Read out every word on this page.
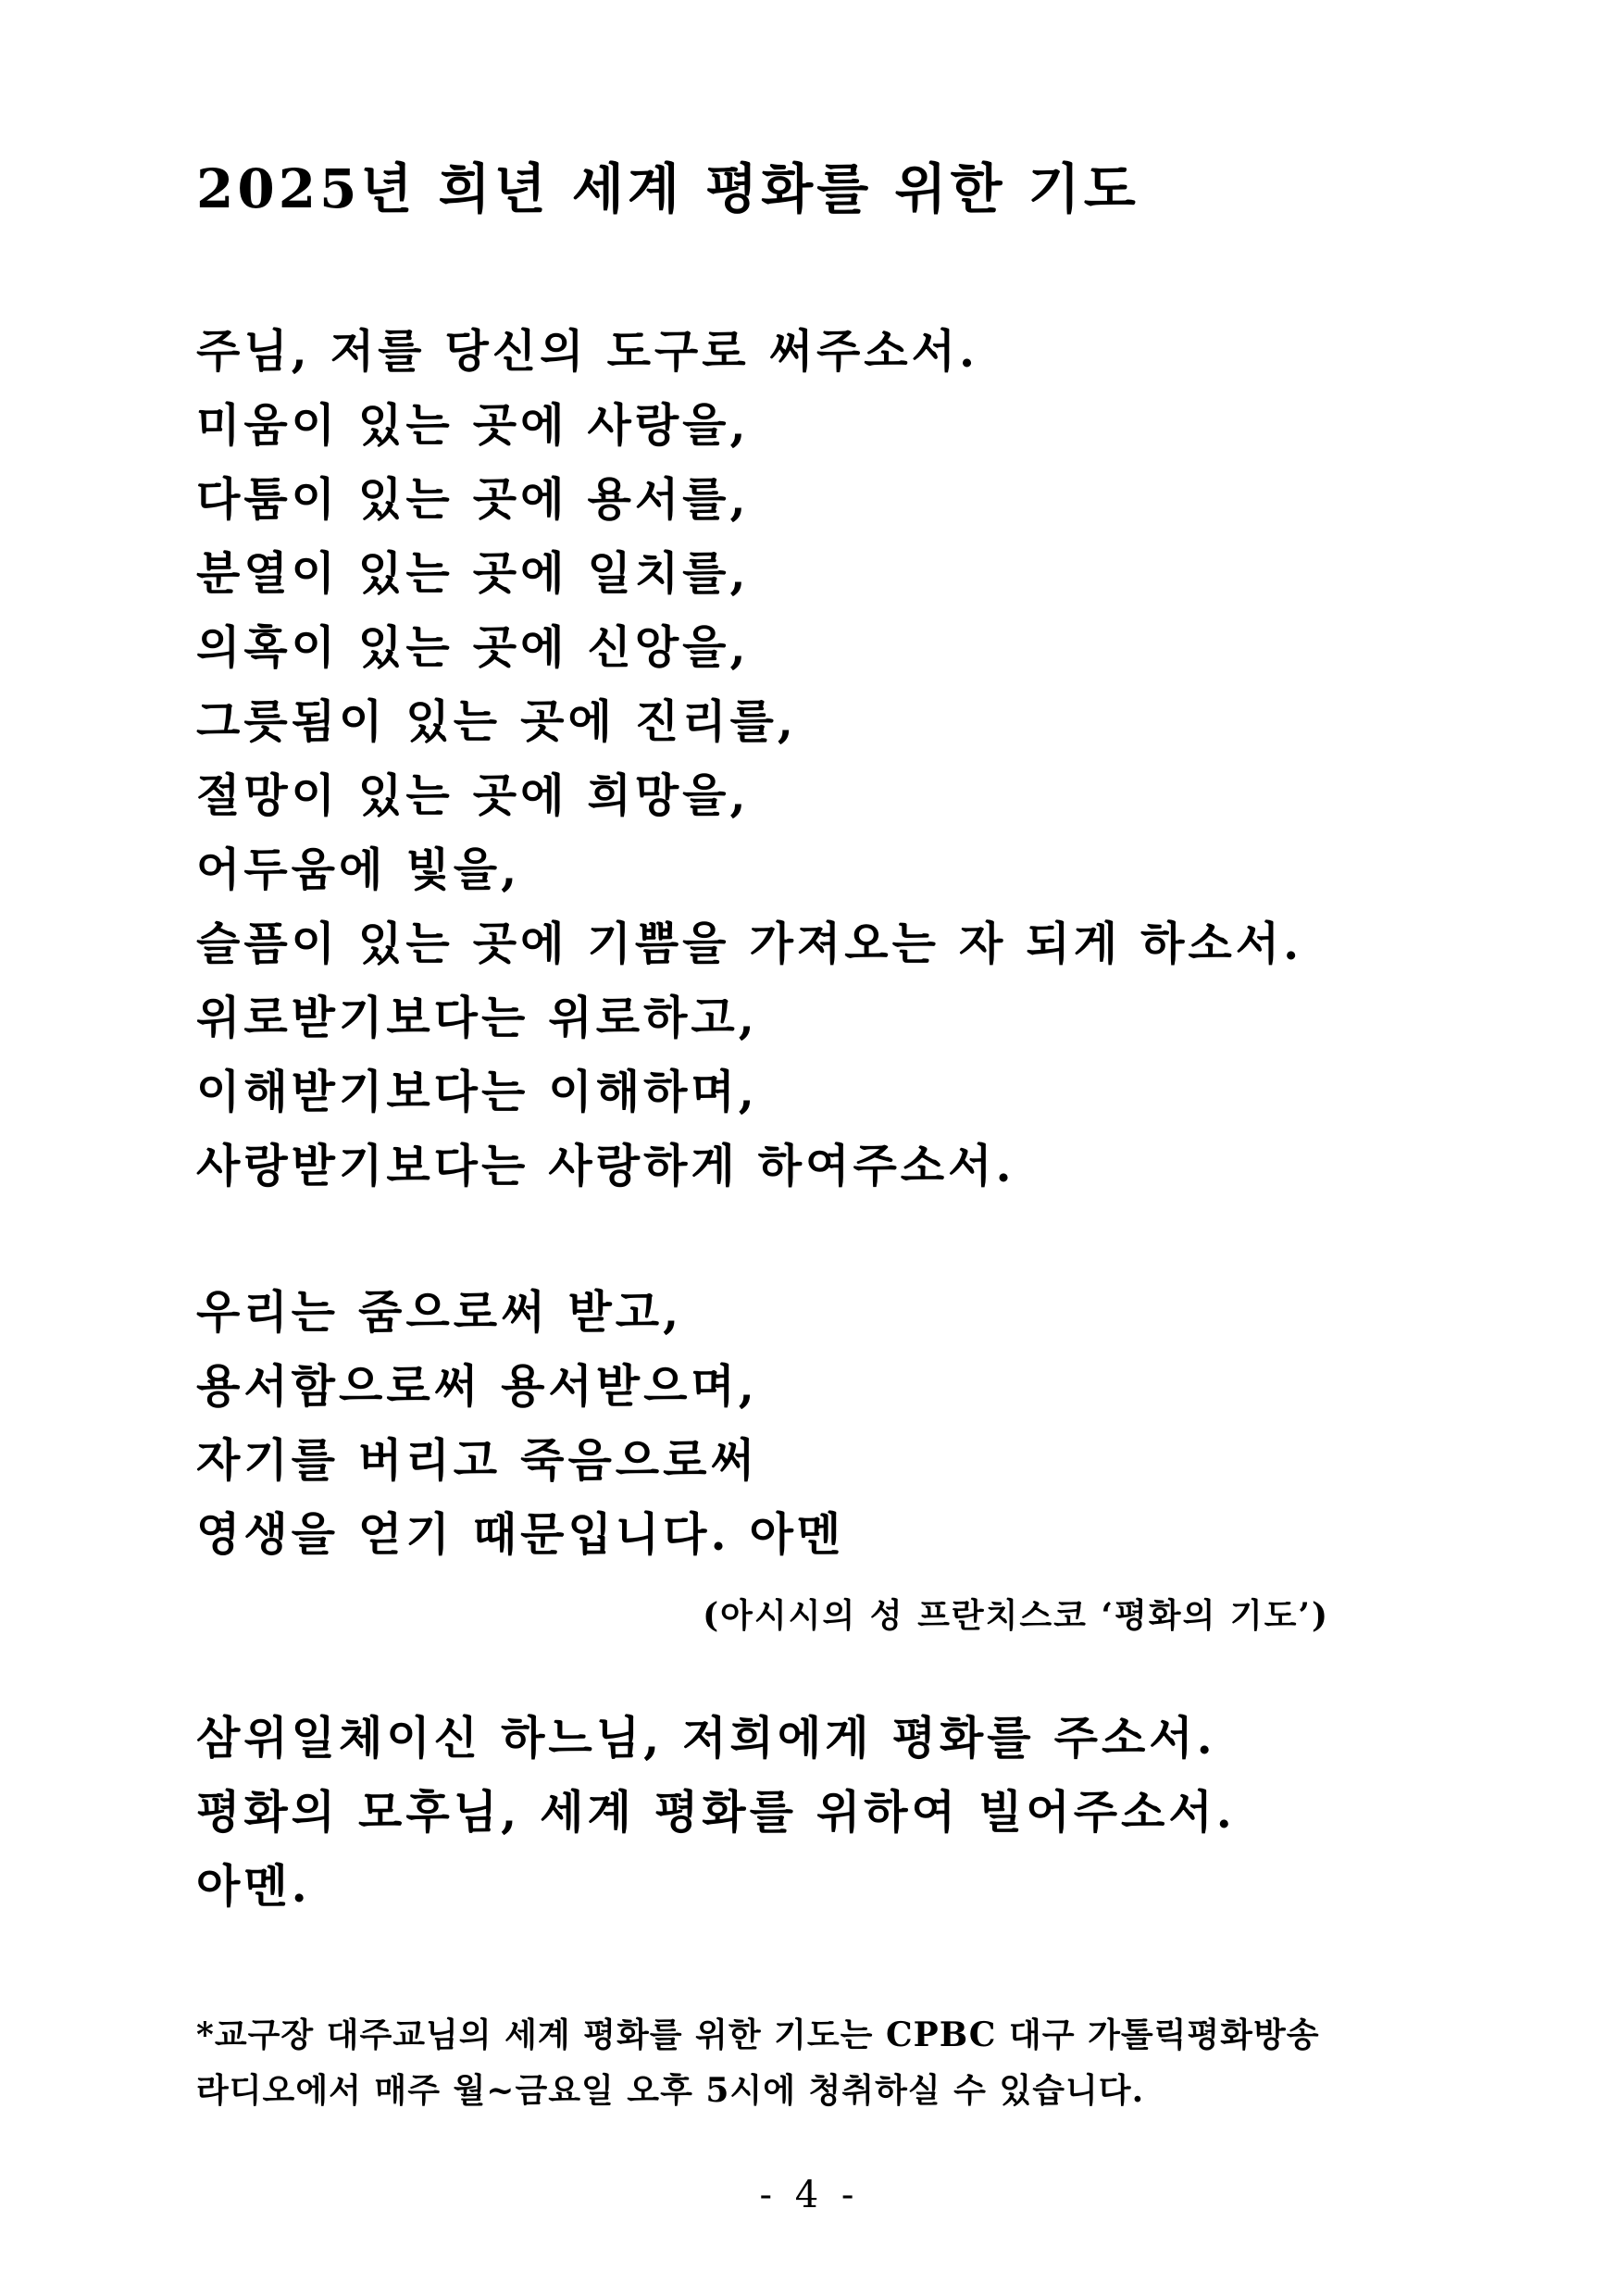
2025년 희년 세계 평화를 위한 기도
주님, 저를 당신의 도구로 써주소서.
미움이 있는 곳에 사랑을,
다툼이 있는 곳에 용서를,
분열이 있는 곳에 일치를,
의혹이 있는 곳에 신앙을,
그릇됨이 있는 곳에 진리를,
절망이 있는 곳에 희망을,
어두움에 빛을,
슬픔이 있는 곳에 기쁨을 가져오는 자 되게 하소서.
위로받기보다는 위로하고,
이해받기보다는 이해하며,
사랑받기보다는 사랑하게 하여주소서.
우리는 줌으로써 받고,
용서함으로써 용서받으며,
자기를 버리고 죽음으로써
영생을 얻기 때문입니다. 아멘
(아시시의 성 프란치스코 ‘평화의 기도’)
삼위일체이신 하느님, 저희에게 평화를 주소서.
평화의 모후님, 세계 평화를 위하여 빌어주소서.
아멘.
*교구장 대주교님의 세계 평화를 위한 기도는 CPBC 대구 가톨릭평화방송
라디오에서 매주 월~금요일 오후 5시에 청취하실 수 있습니다.
- 4 -
